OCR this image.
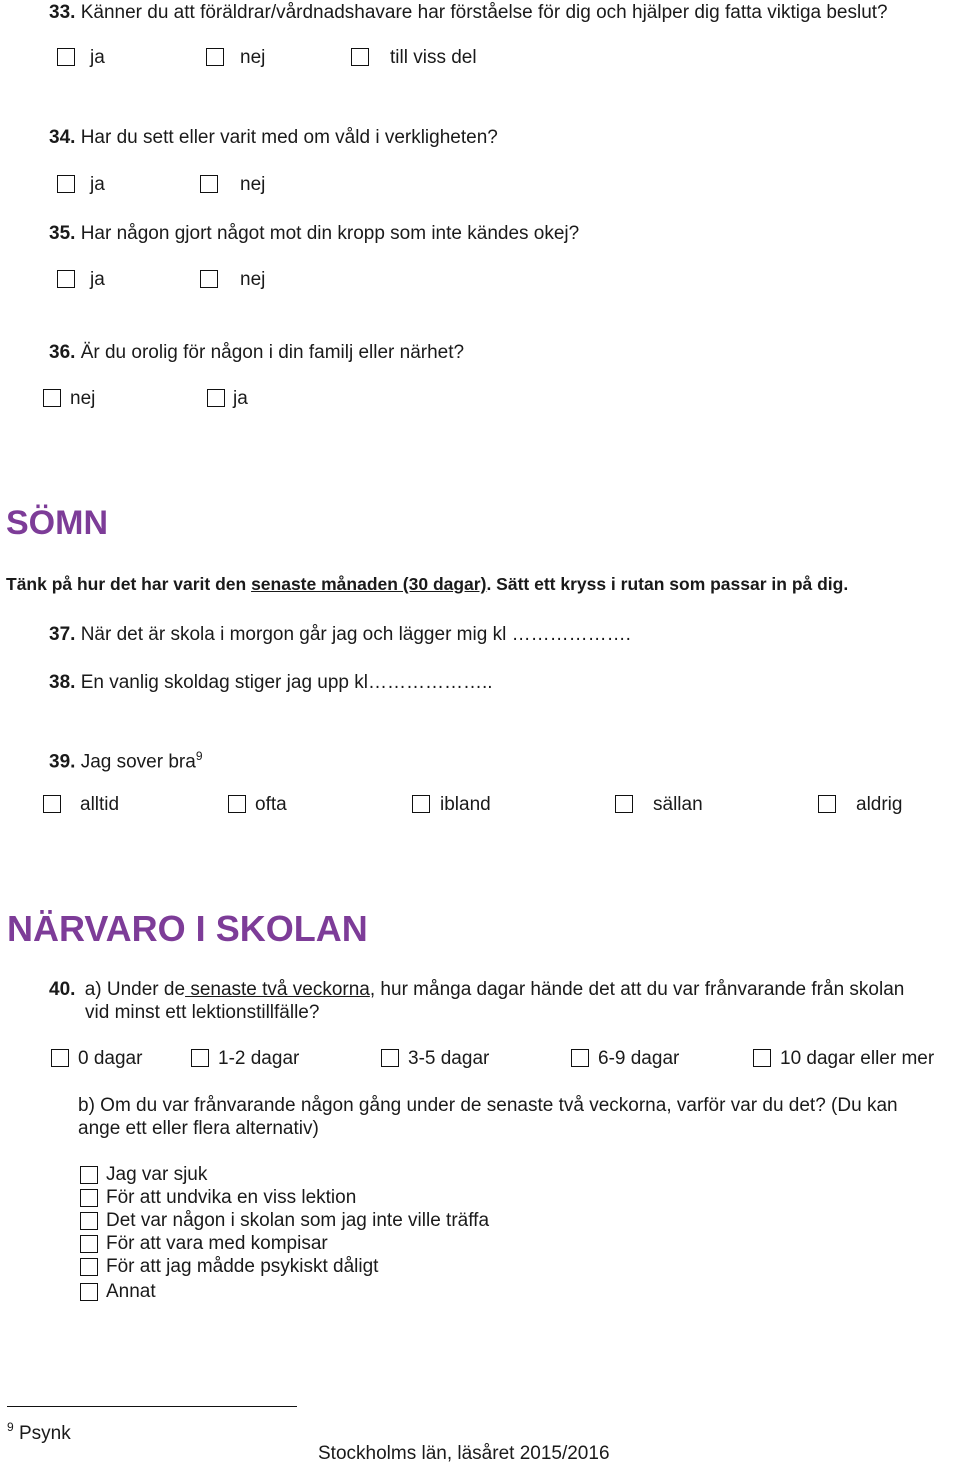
33. Känner du att föräldrar/vårdnadshavare har förståelse för dig och hjälper dig fatta viktiga beslut?
ja	nej	till viss del
34. Har du sett eller varit med om våld i verkligheten?
ja	nej
35. Har någon gjort något mot din kropp som inte kändes okej?
ja	nej
36. Är du orolig för någon i din familj eller närhet?
nej	ja
SÖMN
Tänk på hur det har varit den senaste månaden (30 dagar). Sätt ett kryss i rutan som passar in på dig.
37. När det är skola i morgon går jag och lägger mig kl ……………….
38. En vanlig skoldag stiger jag upp kl………………..
39. Jag sover bra$^9$
alltid	ofta	ibland	sällan	aldrig
NÄRVARO I SKOLAN
40. a) Under de senaste två veckorna, hur många dagar hände det att du var frånvarande från skolan
vid minst ett lektionstillfälle?
0 dagar	1-2 dagar	3-5 dagar	6-9 dagar	10 dagar eller mer
b) Om du var frånvarande någon gång under de senaste två veckorna, varför var du det? (Du kan
ange ett eller flera alternativ)
Jag var sjuk
För att undvika en viss lektion
Det var någon i skolan som jag inte ville träffa
För att vara med kompisar
För att jag mådde psykiskt dåligt
Annat
$^9$ Psynk
Stockholms län, läsåret 2015/2016
